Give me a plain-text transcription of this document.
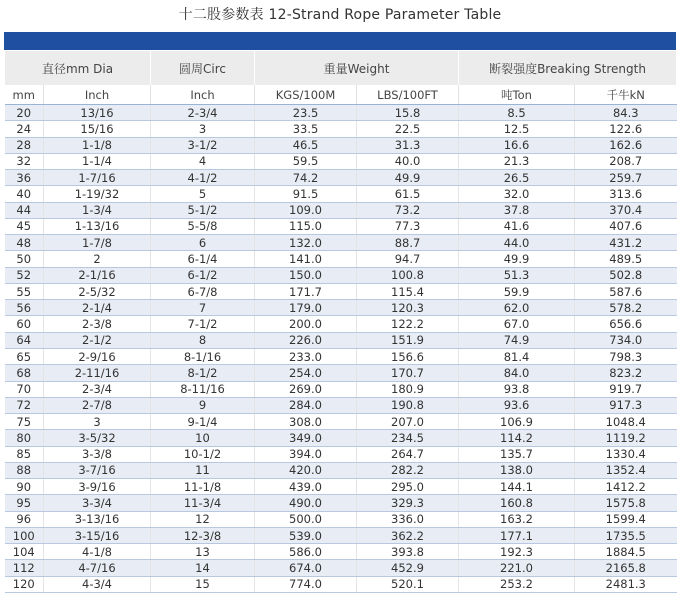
十二股参数表 12-Strand Rope Parameter Table
直径mm Dia		圆周Circ	重量Weight		断裂强度Breaking Strength	
mm	Inch	Inch	KGS/100M	LBS/100FT	吨Ton	千牛kN
20	13/16	2-3/4	23.5	15.8	8.5	84.3
24	15/16	3	33.5	22.5	12.5	122.6
28	1-1/8	3-1/2	46.5	31.3	16.6	162.6
32	1-1/4	4	59.5	40.0	21.3	208.7
36	1-7/16	4-1/2	74.2	49.9	26.5	259.7
40	1-19/32	5	91.5	61.5	32.0	313.6
44	1-3/4	5-1/2	109.0	73.2	37.8	370.4
45	1-13/16	5-5/8	115.0	77.3	41.6	407.6
48	1-7/8	6	132.0	88.7	44.0	431.2
50	2	6-1/4	141.0	94.7	49.9	489.5
52	2-1/16	6-1/2	150.0	100.8	51.3	502.8
55	2-5/32	6-7/8	171.7	115.4	59.9	587.6
56	2-1/4	7	179.0	120.3	62.0	578.2
60	2-3/8	7-1/2	200.0	122.2	67.0	656.6
64	2-1/2	8	226.0	151.9	74.9	734.0
65	2-9/16	8-1/16	233.0	156.6	81.4	798.3
68	2-11/16	8-1/2	254.0	170.7	84.0	823.2
70	2-3/4	8-11/16	269.0	180.9	93.8	919.7
72	2-7/8	9	284.0	190.8	93.6	917.3
75	3	9-1/4	308.0	207.0	106.9	1048.4
80	3-5/32	10	349.0	234.5	114.2	1119.2
85	3-3/8	10-1/2	394.0	264.7	135.7	1330.4
88	3-7/16	11	420.0	282.2	138.0	1352.4
90	3-9/16	11-1/8	439.0	295.0	144.1	1412.2
95	3-3/4	11-3/4	490.0	329.3	160.8	1575.8
96	3-13/16	12	500.0	336.0	163.2	1599.4
100	3-15/16	12-3/8	539.0	362.2	177.1	1735.5
104	4-1/8	13	586.0	393.8	192.3	1884.5
112	4-7/16	14	674.0	452.9	221.0	2165.8
120	4-3/4	15	774.0	520.1	253.2	2481.3
